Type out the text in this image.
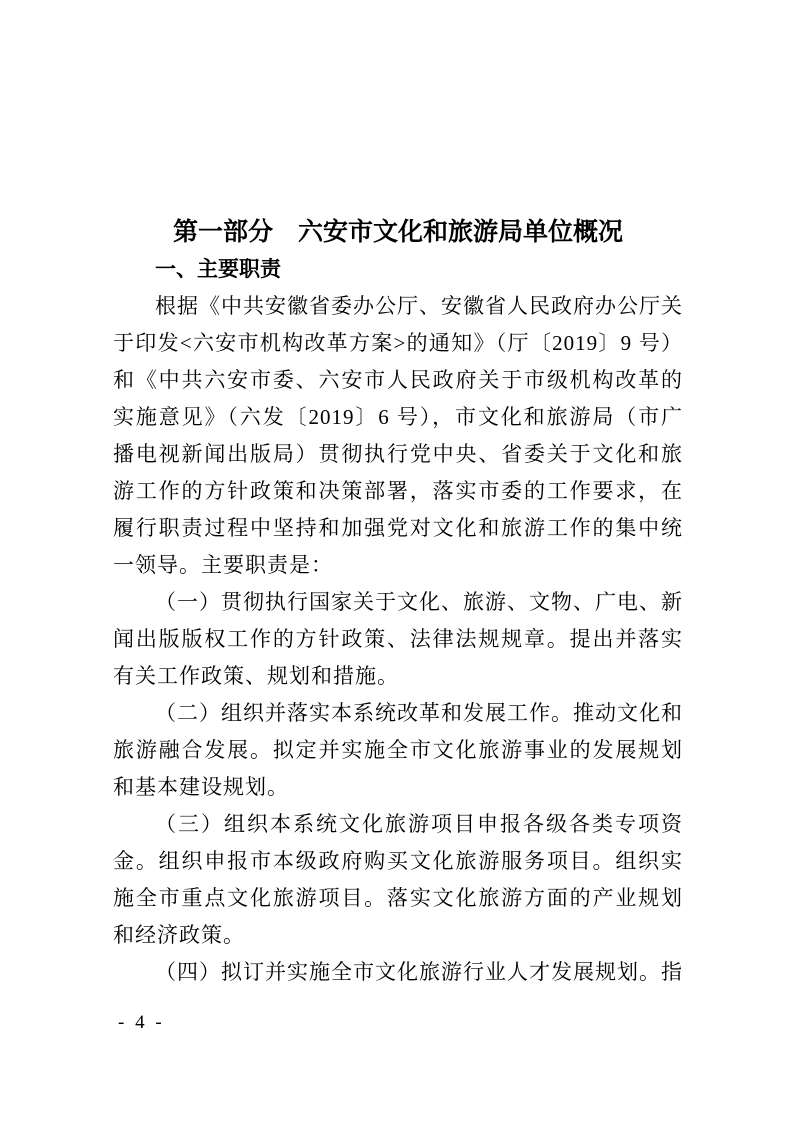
第一部分　六安市文化和旅游局单位概况
一、主要职责

根据《中共安徽省委办公厅、安徽省人民政府办公厅关于印发<六安市机构改革方案>的通知》（厅〔2019〕9 号）和《中共六安市委、六安市人民政府关于市级机构改革的实施意见》（六发〔2019〕6 号），市文化和旅游局（市广播电视新闻出版局）贯彻执行党中央、省委关于文化和旅游工作的方针政策和决策部署，落实市委的工作要求，在履行职责过程中坚持和加强党对文化和旅游工作的集中统一领导。主要职责是：

（一）贯彻执行国家关于文化、旅游、文物、广电、新闻出版版权工作的方针政策、法律法规规章。提出并落实有关工作政策、规划和措施。

（二）组织并落实本系统改革和发展工作。推动文化和旅游融合发展。拟定并实施全市文化旅游事业的发展规划和基本建设规划。

（三）组织本系统文化旅游项目申报各级各类专项资金。组织申报市本级政府购买文化旅游服务项目。组织实施全市重点文化旅游项目。落实文化旅游方面的产业规划和经济政策。

（四）拟订并实施全市文化旅游行业人才发展规划。指

- 4 -
